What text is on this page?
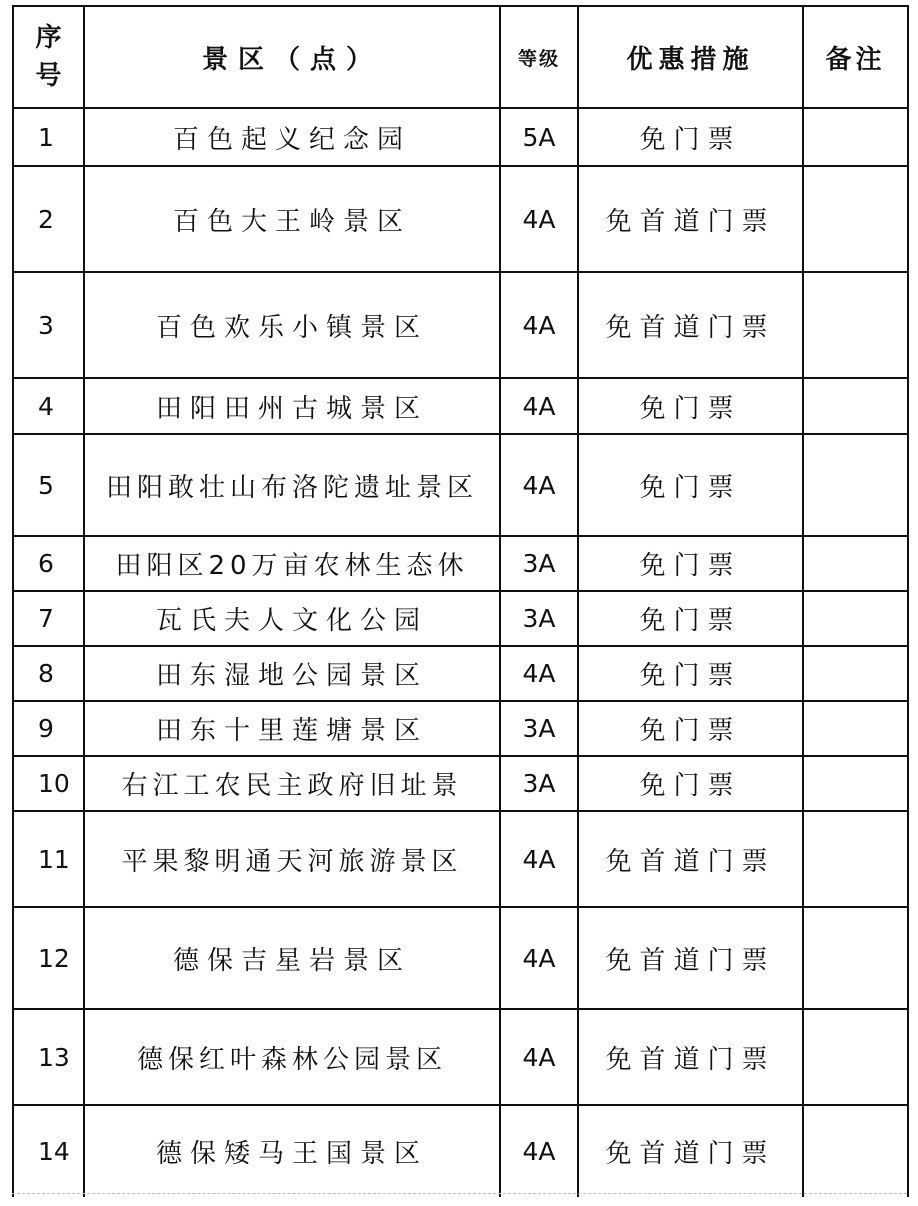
序号	景区（点）	等级	优惠措施	备注
1	百色起义纪念园	5A	免门票	
2	百色大王岭景区	4A	免首道门票	
3	百色欢乐小镇景区	4A	免首道门票	
4	田阳田州古城景区	4A	免门票	
5	田阳敢壮山布洛陀遗址景区	4A	免门票	
6	田阳区20万亩农林生态休	3A	免门票	
7	瓦氏夫人文化公园	3A	免门票	
8	田东湿地公园景区	4A	免门票	
9	田东十里莲塘景区	3A	免门票	
10	右江工农民主政府旧址景	3A	免门票	
11	平果黎明通天河旅游景区	4A	免首道门票	
12	德保吉星岩景区	4A	免首道门票	
13	德保红叶森林公园景区	4A	免首道门票	
14	德保矮马王国景区	4A	免首道门票	
